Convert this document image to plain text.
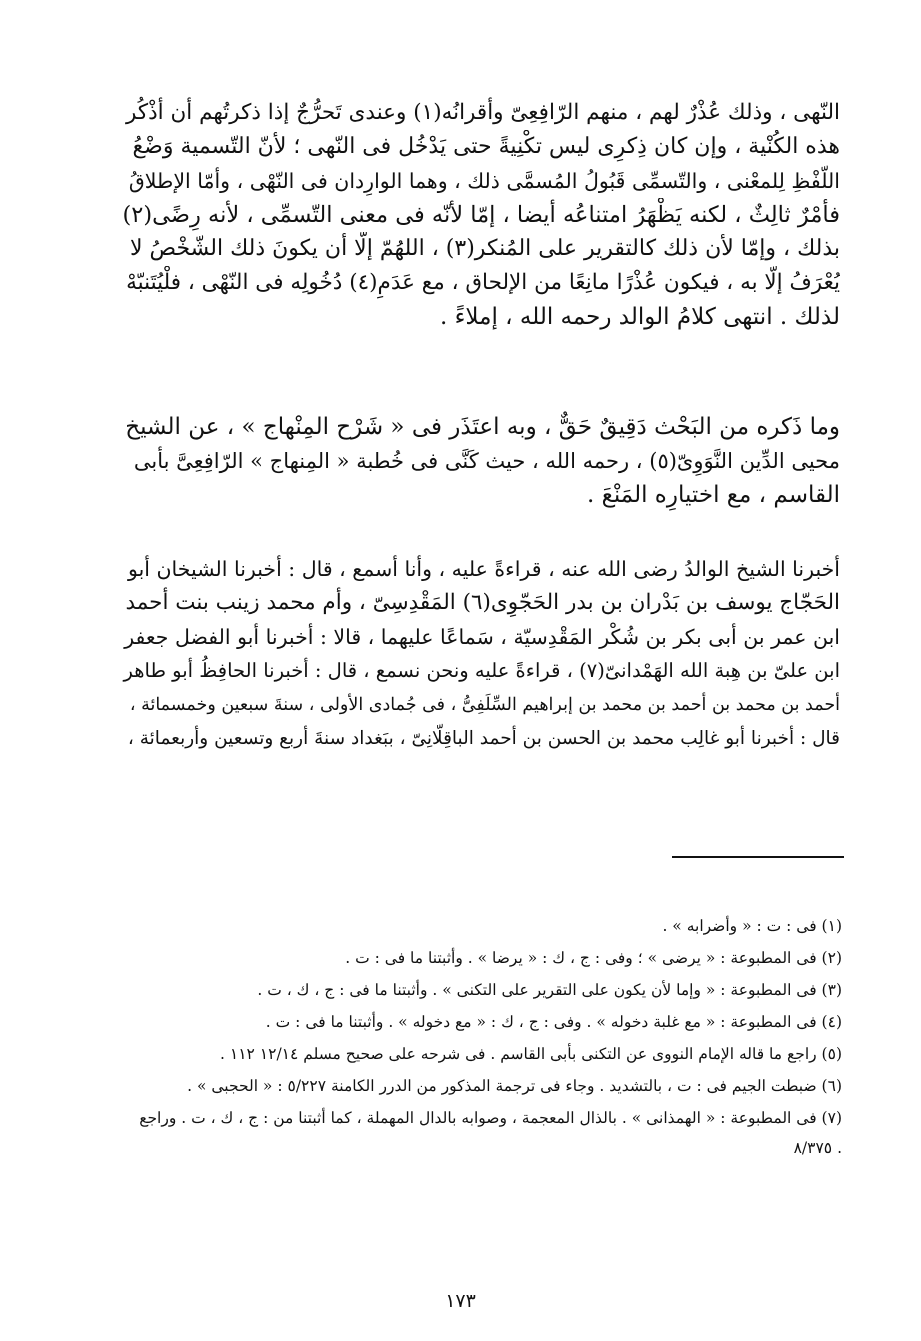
النّهى ، وذلك عُذْرٌ لهم ، منهم الرّافِعِىّ وأقرانُه(١) وعندى تَحرُّجٌ إذا ذكرتُهم أن أذْكُر
هذه الكُنْية ، وإن كان ذِكرِى ليس تكْنِيةً حتى يَدْخُل فى النّهى ؛ لأنّ التّسمية وَضْعُ
اللّفْظِ لِلمعْنى ، والتّسمِّى قَبُولُ المُسمَّى ذلك ، وهما الوارِدان فى النّهْى ، وأمّا الإطلاقُ
فأمْرٌ ثالِثٌ ، لكنه يَظْهَرُ امتناعُه أيضا ، إمّا لأنّه فى معنى التّسمِّى ، لأنه رِضًى(٢)
بذلك ، وإمّا لأن ذلك كالتقرير على المُنكر(٣) ، اللهُمّ إلّا أن يكونَ ذلك الشّخْصُ لا
يُعْرَفُ إلّا به ، فيكون عُذْرًا مانِعًا من الإلحاق ، مع عَدَمِ(٤) دُخُولِه فى النّهْى ، فلْيُتَنبّهْ
لذلك . انتهى كلامُ الوالد رحمه الله ، إملاءً .
وما ذَكره من البَحْث دَقِيقٌ حَقٌّ ، وبه اعتَذَر فى « شَرْح المِنْهاج » ، عن الشيخ
محيى الدِّين النَّوَوِىّ(٥) ، رحمه الله ، حيث كَنَّى فى خُطبة « المِنهاج » الرّافِعِىَّ بأبى
القاسم ، مع اختيارِه المَنْعَ .
أخبرنا الشيخ الوالدُ رضى الله عنه ، قراءةً عليه ، وأنا أسمع ، قال : أخبرنا الشيخان أبو
الحَجّاج يوسف بن بَدْران بن بدر الحَجّوِى(٦) المَقْدِسِىّ ، وأم محمد زينب بنت أحمد
ابن عمر بن أبى بكر بن شُكْر المَقْدِسيّة ، سَماعًا عليهما ، قالا : أخبرنا أبو الفضل جعفر
ابن علىّ بن هِبة الله الهَمْدانىّ(٧) ، قراءةً عليه ونحن نسمع ، قال : أخبرنا الحافِظُ أبو طاهر
أحمد بن محمد بن أحمد بن محمد بن إبراهيم السِّلَفِىُّ ، فى جُمادى الأولى ، سنةَ سبعين وخمسمائة ،
قال : أخبرنا أبو غالِب محمد بن الحسن بن أحمد الباقِلّانِىّ ، ببَغداد سنةَ أربع وتسعين وأربعمائة ،
(١) فى : ت : « وأضرابه » .
(٢) فى المطبوعة : « يرضى » ؛ وفى : ج ، ك : « يرضا » . وأثبتنا ما فى : ت .
(٣) فى المطبوعة : « وإما لأن يكون على التقرير على التكنى » . وأثبتنا ما فى : ج ، ك ، ت .
(٤) فى المطبوعة : « مع غلبة دخوله » . وفى : ج ، ك : « مع دخوله » . وأثبتنا ما فى : ت .
(٥) راجع ما قاله الإمام النووى عن التكنى بأبى القاسم . فى شرحه على صحيح مسلم ١٢/١٤ ١١٢ .
(٦) ضبطت الجيم فى : ت ، بالتشديد . وجاء فى ترجمة المذكور من الدرر الكامنة ٥/٢٢٧ : « الحجبى » .
(٧) فى المطبوعة : « الهمذانى » . بالذال المعجمة ، وصوابه بالدال المهملة ، كما أثبتنا من : ج ، ك ، ت . وراجع
. ٨/٣٧٥
١٧٣
